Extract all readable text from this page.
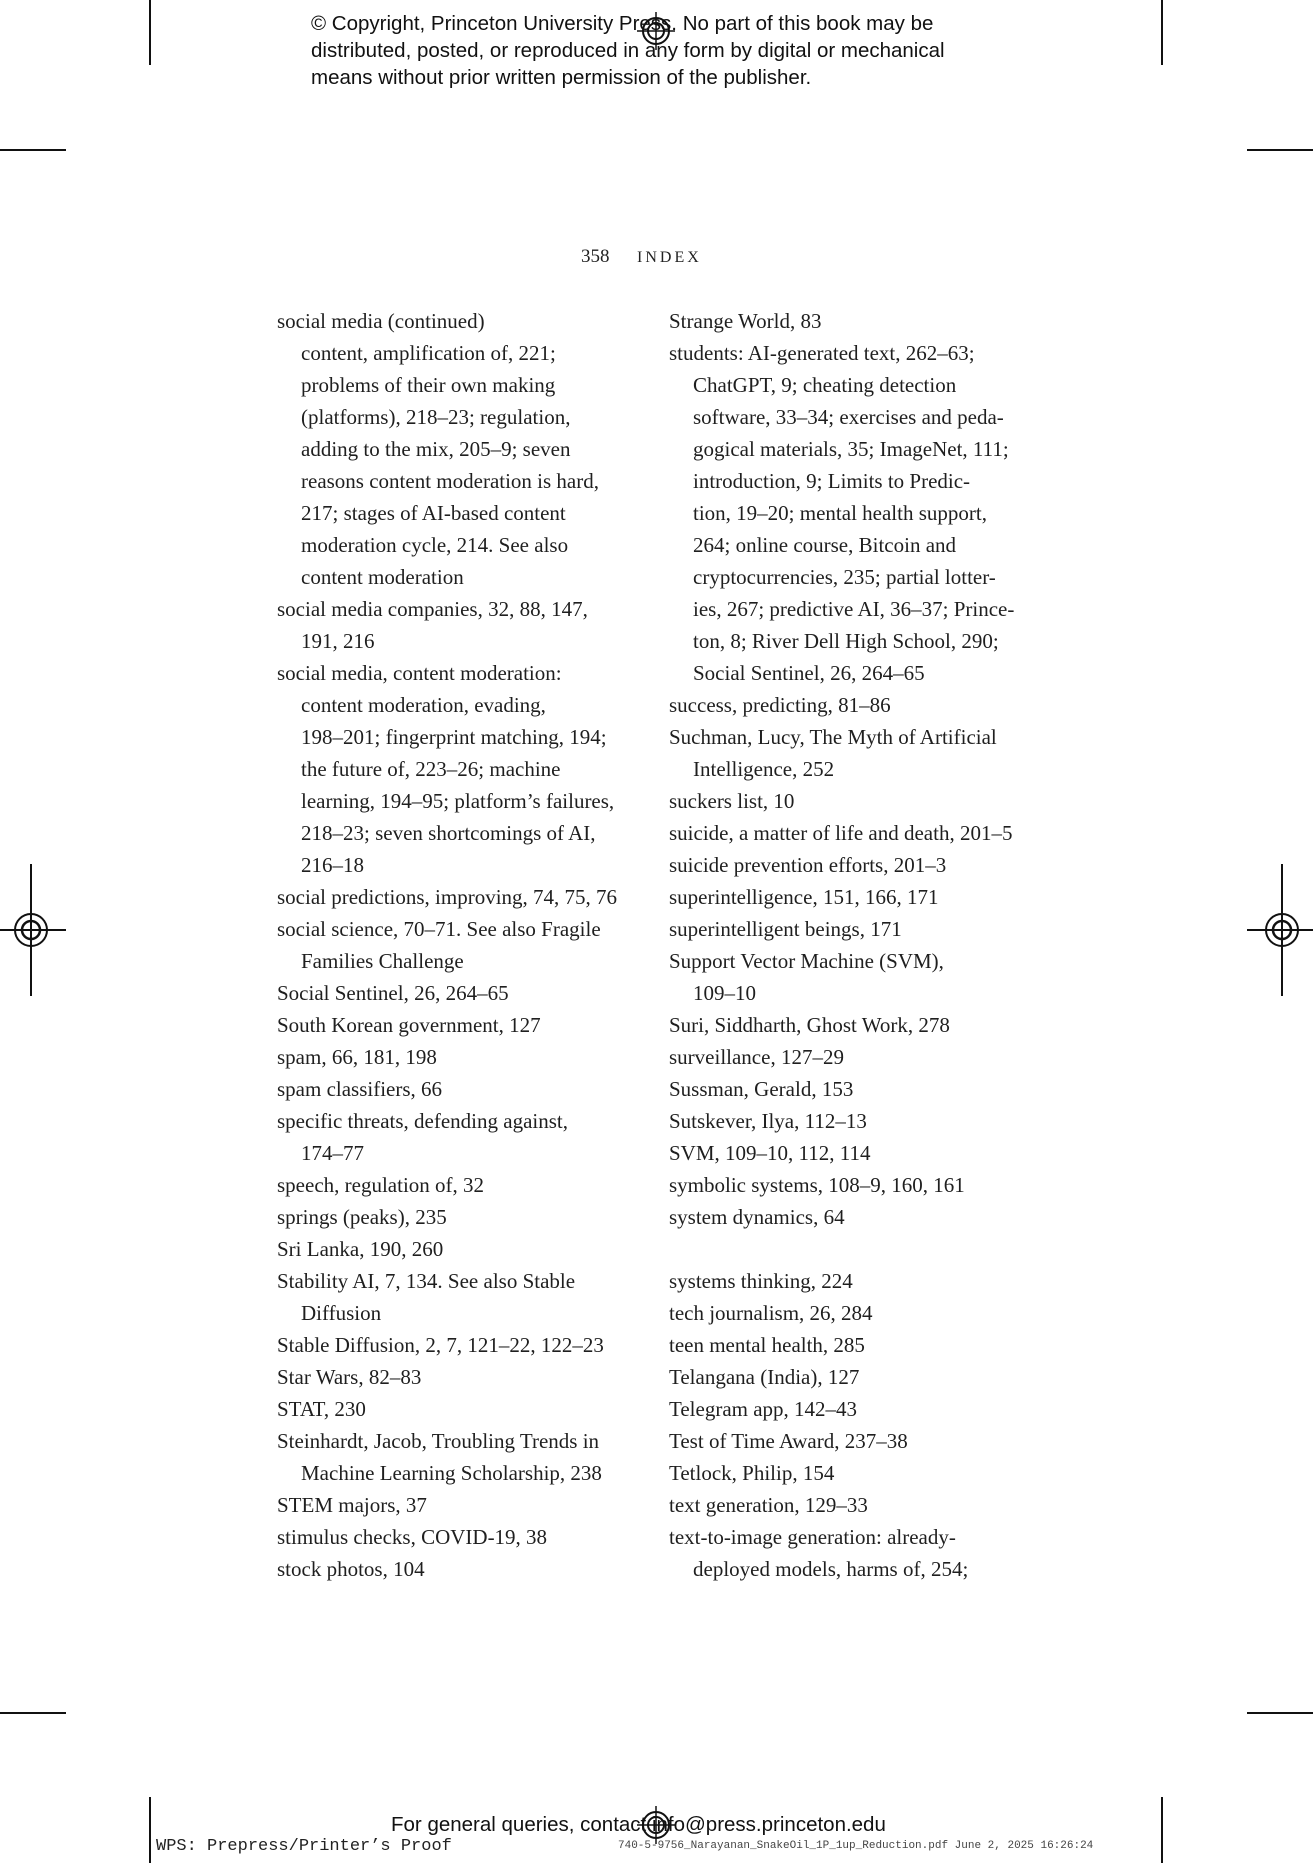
© Copyright, Princeton University Press. No part of this book may be
distributed, posted, or reproduced in any form by digital or mechanical
means without prior written permission of the publisher.
358 INDEX
social media (continued)
content, amplification of, 221;
problems of their own making
(platforms), 218–23; regulation,
adding to the mix, 205–9; seven
reasons content moderation is hard,
217; stages of AI-based content
moderation cycle, 214. See also
content moderation
social media companies, 32, 88, 147,
191, 216
social media, content moderation:
content moderation, evading,
198–201; fingerprint matching, 194;
the future of, 223–26; machine
learning, 194–95; platform’s failures,
218–23; seven shortcomings of AI,
216–18
social predictions, improving, 74, 75, 76
social science, 70–71. See also Fragile
Families Challenge
Social Sentinel, 26, 264–65
South Korean government, 127
spam, 66, 181, 198
spam classifiers, 66
specific threats, defending against,
174–77
speech, regulation of, 32
springs (peaks), 235
Sri Lanka, 190, 260
Stability AI, 7, 134. See also Stable
Diffusion
Stable Diffusion, 2, 7, 121–22, 122–23
Star Wars, 82–83
STAT, 230
Steinhardt, Jacob, Troubling Trends in
Machine Learning Scholarship, 238
STEM majors, 37
stimulus checks, COVID-19, 38
stock photos, 104
Strange World, 83
students: AI-generated text, 262–63;
ChatGPT, 9; cheating detection
software, 33–34; exercises and peda-
gogical materials, 35; ImageNet, 111;
introduction, 9; Limits to Predic-
tion, 19–20; mental health support,
264; online course, Bitcoin and
cryptocurrencies, 235; partial lotter-
ies, 267; predictive AI, 36–37; Prince-
ton, 8; River Dell High School, 290;
Social Sentinel, 26, 264–65
success, predicting, 81–86
Suchman, Lucy, The Myth of Artificial
Intelligence, 252
suckers list, 10
suicide, a matter of life and death, 201–5
suicide prevention efforts, 201–3
superintelligence, 151, 166, 171
superintelligent beings, 171
Support Vector Machine (SVM),
109–10
Suri, Siddharth, Ghost Work, 278
surveillance, 127–29
Sussman, Gerald, 153
Sutskever, Ilya, 112–13
SVM, 109–10, 112, 114
symbolic systems, 108–9, 160, 161
system dynamics, 64
systems thinking, 224
tech journalism, 26, 284
teen mental health, 285
Telangana (India), 127
Telegram app, 142–43
Test of Time Award, 237–38
Tetlock, Philip, 154
text generation, 129–33
text-to-image generation: already-
deployed models, harms of, 254;
For general queries, contact info@press.princeton.edu
WPS: Prepress/Printer’s Proof	740-5-9756_Narayanan_SnakeOil_1P_1up_Reduction.pdf June 2, 2025 16:26:24
